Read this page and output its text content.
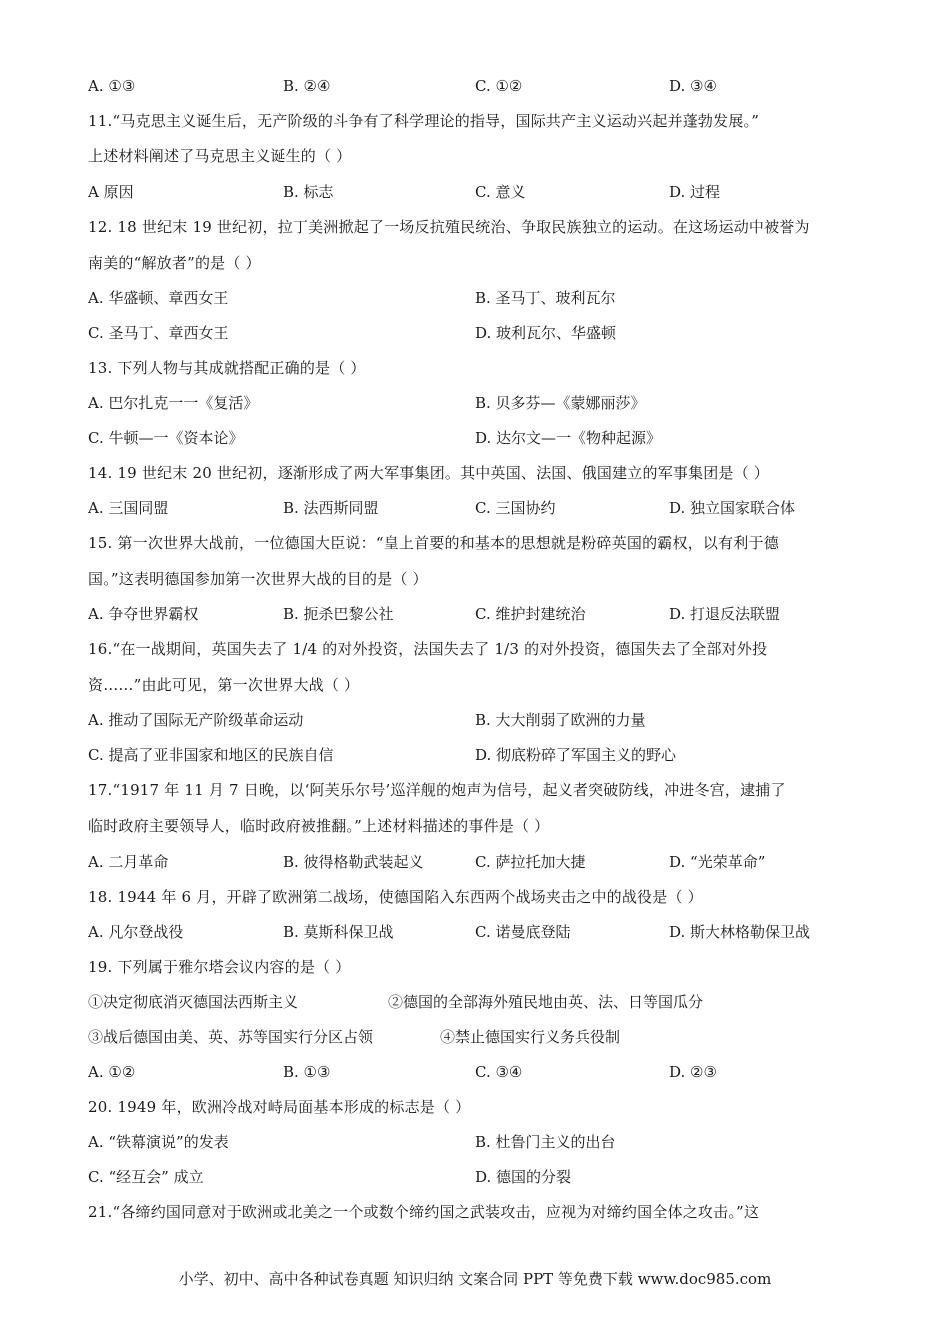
A. ①③	B. ②④	C. ①②	D. ③④
11.“马克思主义诞生后，无产阶级的斗争有了科学理论的指导，国际共产主义运动兴起并蓬勃发展。”
上述材料阐述了马克思主义诞生的（ ）
A 原因	B. 标志	C. 意义	D. 过程
12. 18 世纪末 19 世纪初，拉丁美洲掀起了一场反抗殖民统治、争取民族独立的运动。在这场运动中被誉为
南美的“解放者”的是（ ）
A. 华盛顿、章西女王	B. 圣马丁、玻利瓦尔
C. 圣马丁、章西女王	D. 玻利瓦尔、华盛顿
13. 下列人物与其成就搭配正确的是（ ）
A. 巴尔扎克一一《复活》	B. 贝多芬—《蒙娜丽莎》
C. 牛顿—一《资本论》	D. 达尔文—一《物种起源》
14. 19 世纪末 20 世纪初，逐渐形成了两大军事集团。其中英国、法国、俄国建立的军事集团是（ ）
A. 三国同盟	B. 法西斯同盟	C. 三国协约	D. 独立国家联合体
15. 第一次世界大战前，一位德国大臣说：“皇上首要的和基本的思想就是粉碎英国的霸权，以有利于德
国。”这表明德国参加第一次世界大战的目的是（ ）
A. 争夺世界霸权	B. 扼杀巴黎公社	C. 维护封建统治	D. 打退反法联盟
16.“在一战期间，英国失去了 1/4 的对外投资，法国失去了 1/3 的对外投资，德国失去了全部对外投
资……”由此可见，第一次世界大战（ ）
A. 推动了国际无产阶级革命运动	B. 大大削弱了欧洲的力量
C. 提高了亚非国家和地区的民族自信	D. 彻底粉碎了军国主义的野心
17.“1917 年 11 月 7 日晚，以‘阿芙乐尔号’巡洋舰的炮声为信号，起义者突破防线，冲进冬宫，逮捕了
临时政府主要领导人，临时政府被推翻。”上述材料描述的事件是（ ）
A. 二月革命	B. 彼得格勒武装起义	C. 萨拉托加大捷	D. “光荣革命”
18. 1944 年 6 月，开辟了欧洲第二战场，使德国陷入东西两个战场夹击之中的战役是（ ）
A. 凡尔登战役	B. 莫斯科保卫战	C. 诺曼底登陆	D. 斯大林格勒保卫战
19. 下列属于雅尔塔会议内容的是（ ）
①决定彻底消灭德国法西斯主义	②德国的全部海外殖民地由英、法、日等国瓜分
③战后德国由美、英、苏等国实行分区占领	④禁止德国实行义务兵役制
A. ①②	B. ①③	C. ③④	D. ②③
20. 1949 年，欧洲冷战对峙局面基本形成的标志是（ ）
A. “铁幕演说”的发表	B. 杜鲁门主义的出台
C. “经互会” 成立	D. 德国的分裂
21.“各缔约国同意对于欧洲或北美之一个或数个缔约国之武装攻击，应视为对缔约国全体之攻击。”这
小学、初中、高中各种试卷真题 知识归纳 文案合同 PPT 等免费下载 www.doc985.com
